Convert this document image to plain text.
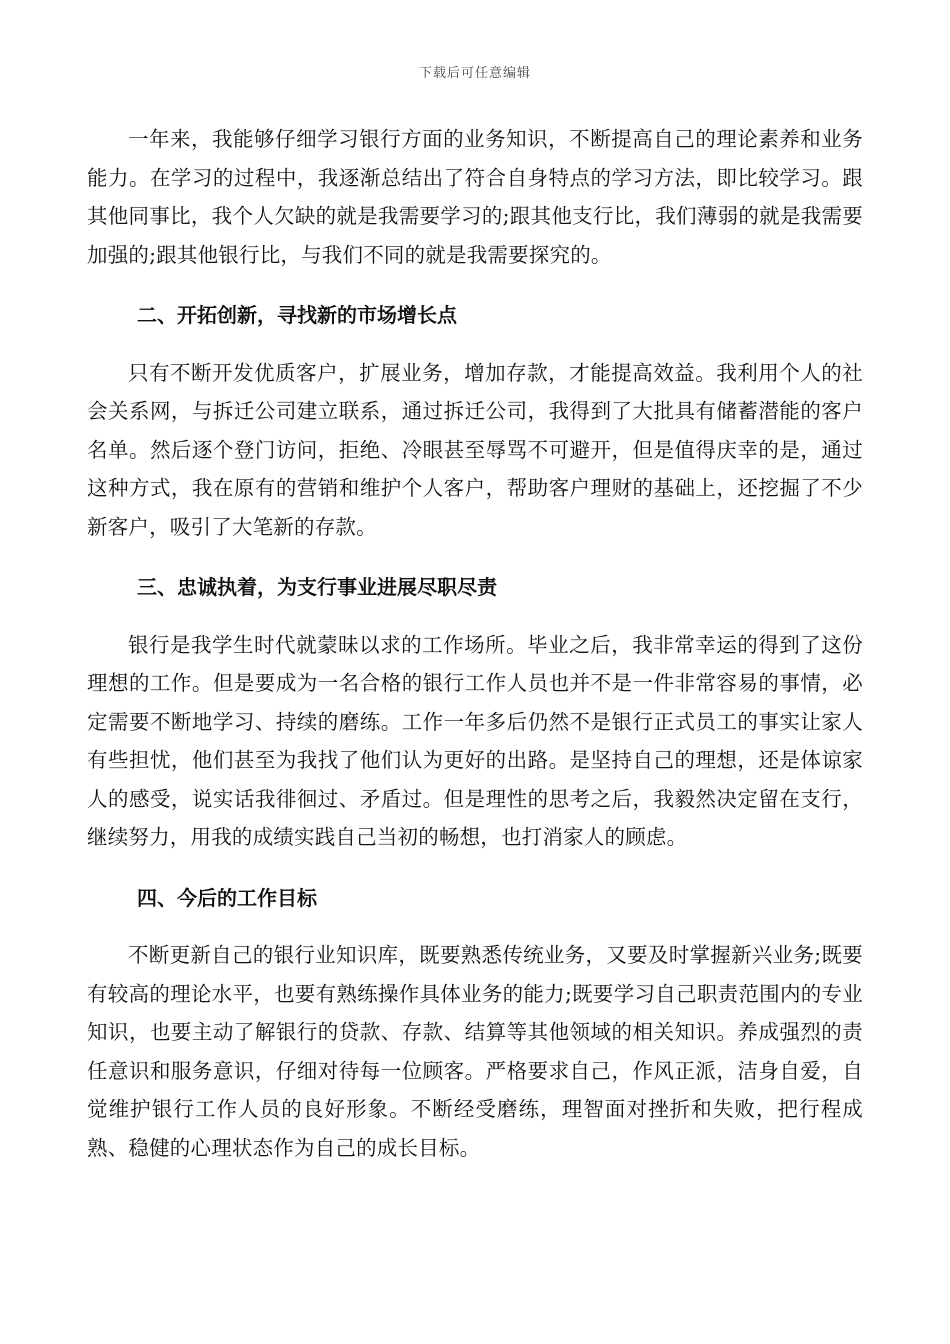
下载后可任意编辑

一年来，我能够仔细学习银行方面的业务知识，不断提高自己的理论素养和业务能力。在学习的过程中，我逐渐总结出了符合自身特点的学习方法，即比较学习。跟其他同事比，我个人欠缺的就是我需要学习的;跟其他支行比，我们薄弱的就是我需要加强的;跟其他银行比，与我们不同的就是我需要探究的。

二、开拓创新，寻找新的市场增长点

只有不断开发优质客户，扩展业务，增加存款，才能提高效益。我利用个人的社会关系网，与拆迁公司建立联系，通过拆迁公司，我得到了大批具有储蓄潜能的客户名单。然后逐个登门访问，拒绝、冷眼甚至辱骂不可避开，但是值得庆幸的是，通过这种方式，我在原有的营销和维护个人客户，帮助客户理财的基础上，还挖掘了不少新客户，吸引了大笔新的存款。

三、忠诚执着，为支行事业进展尽职尽责

银行是我学生时代就蒙昧以求的工作场所。毕业之后，我非常幸运的得到了这份理想的工作。但是要成为一名合格的银行工作人员也并不是一件非常容易的事情，必定需要不断地学习、持续的磨练。工作一年多后仍然不是银行正式员工的事实让家人有些担忧，他们甚至为我找了他们认为更好的出路。是坚持自己的理想，还是体谅家人的感受，说实话我徘徊过、矛盾过。但是理性的思考之后，我毅然决定留在支行，继续努力，用我的成绩实践自己当初的畅想，也打消家人的顾虑。

四、今后的工作目标

不断更新自己的银行业知识库，既要熟悉传统业务，又要及时掌握新兴业务;既要有较高的理论水平，也要有熟练操作具体业务的能力;既要学习自己职责范围内的专业知识，也要主动了解银行的贷款、存款、结算等其他领域的相关知识。养成强烈的责任意识和服务意识，仔细对待每一位顾客。严格要求自己，作风正派，洁身自爱，自觉维护银行工作人员的良好形象。不断经受磨练，理智面对挫折和失败，把行程成熟、稳健的心理状态作为自己的成长目标。
